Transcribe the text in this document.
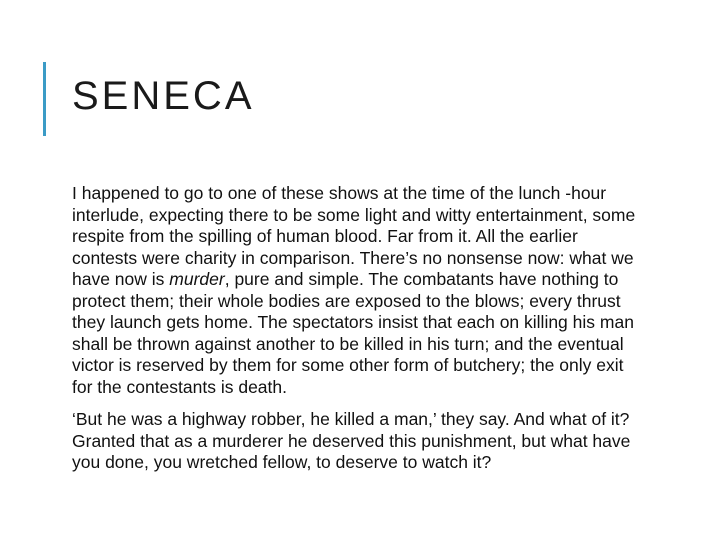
SENECA

I happened to go to one of these shows at the time of the lunch -hour interlude, expecting there to be some light and witty entertainment, some respite from the spilling of human blood. Far from it. All the earlier contests were charity in comparison. There’s no nonsense now: what we have now is murder, pure and simple. The combatants have nothing to protect them; their whole bodies are exposed to the blows; every thrust they launch gets home. The spectators insist that each on killing his man shall be thrown against another to be killed in his turn; and the eventual victor is reserved by them for some other form of butchery; the only exit for the contestants is death.

‘But he was a highway robber, he killed a man,’ they say. And what of it? Granted that as a murderer he deserved this punishment, but what have you done, you wretched fellow, to deserve to watch it?
